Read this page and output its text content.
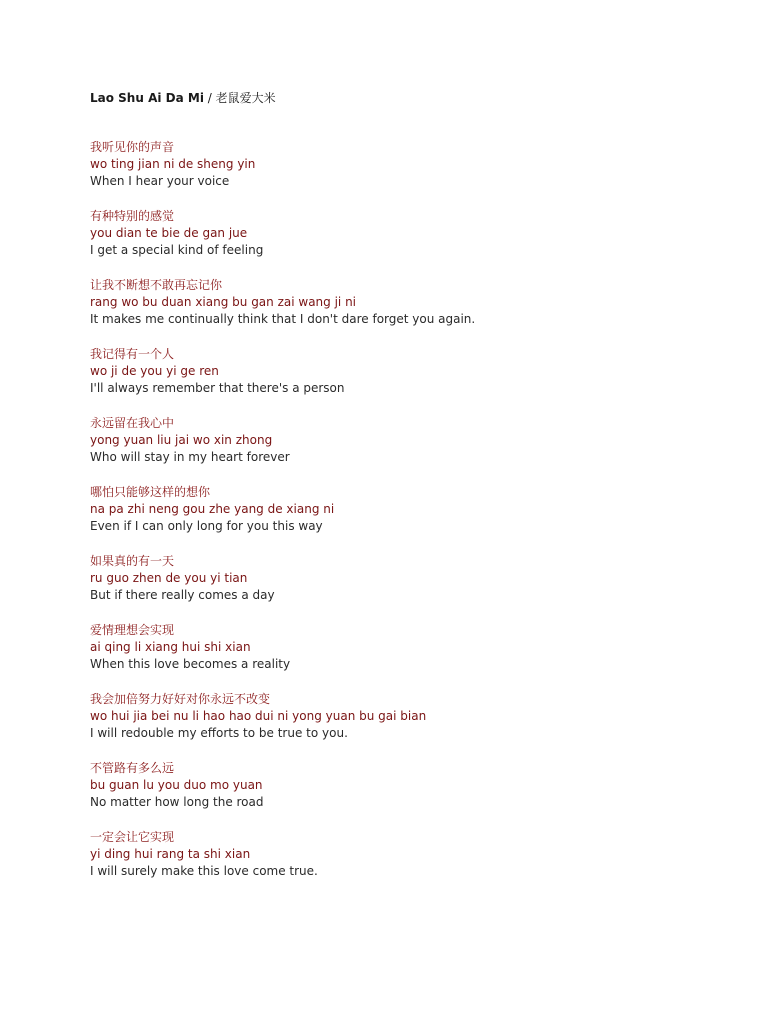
Lao Shu Ai Da Mi / 老鼠爱大米
我听见你的声音
wo ting jian ni de sheng yin
When I hear your voice
有种特别的感觉
you dian te bie de gan jue
I get a special kind of feeling
让我不断想不敢再忘记你
rang wo bu duan xiang bu gan zai wang ji ni
It makes me continually think that I don't dare forget you again.
我记得有一个人
wo ji de you yi ge ren
I'll always remember that there's a person
永远留在我心中
yong yuan liu jai wo xin zhong
Who will stay in my heart forever
哪怕只能够这样的想你
na pa zhi neng gou zhe yang de xiang ni
Even if I can only long for you this way
如果真的有一天
ru guo zhen de you yi tian
But if there really comes a day
爱情理想会实现
ai qing li xiang hui shi xian
When this love becomes a reality
我会加倍努力好好对你永远不改变
wo hui jia bei nu li hao hao dui ni yong yuan bu gai bian
I will redouble my efforts to be true to you.
不管路有多么远
bu guan lu you duo mo yuan
No matter how long the road
一定会让它实现
yi ding hui rang ta shi xian
I will surely make this love come true.
